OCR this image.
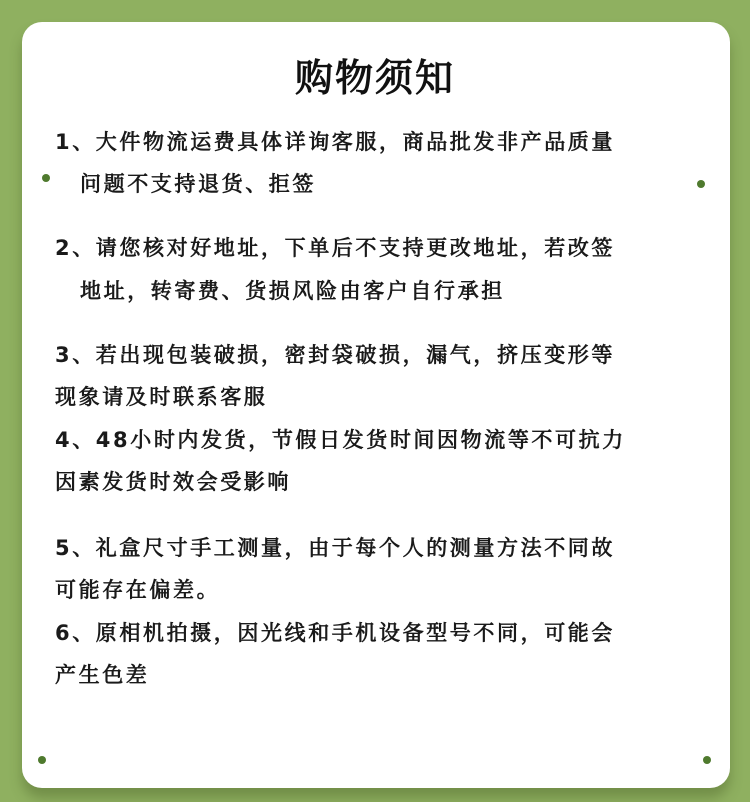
购物须知
1、大件物流运费具体详询客服，商品批发非产品质量
问题不支持退货、拒签
2、请您核对好地址，下单后不支持更改地址，若改签
地址，转寄费、货损风险由客户自行承担
3、若出现包装破损，密封袋破损，漏气，挤压变形等
现象请及时联系客服
4、48小时内发货，节假日发货时间因物流等不可抗力
因素发货时效会受影响
5、礼盒尺寸手工测量，由于每个人的测量方法不同故
可能存在偏差。
6、原相机拍摄，因光线和手机设备型号不同，可能会
产生色差
